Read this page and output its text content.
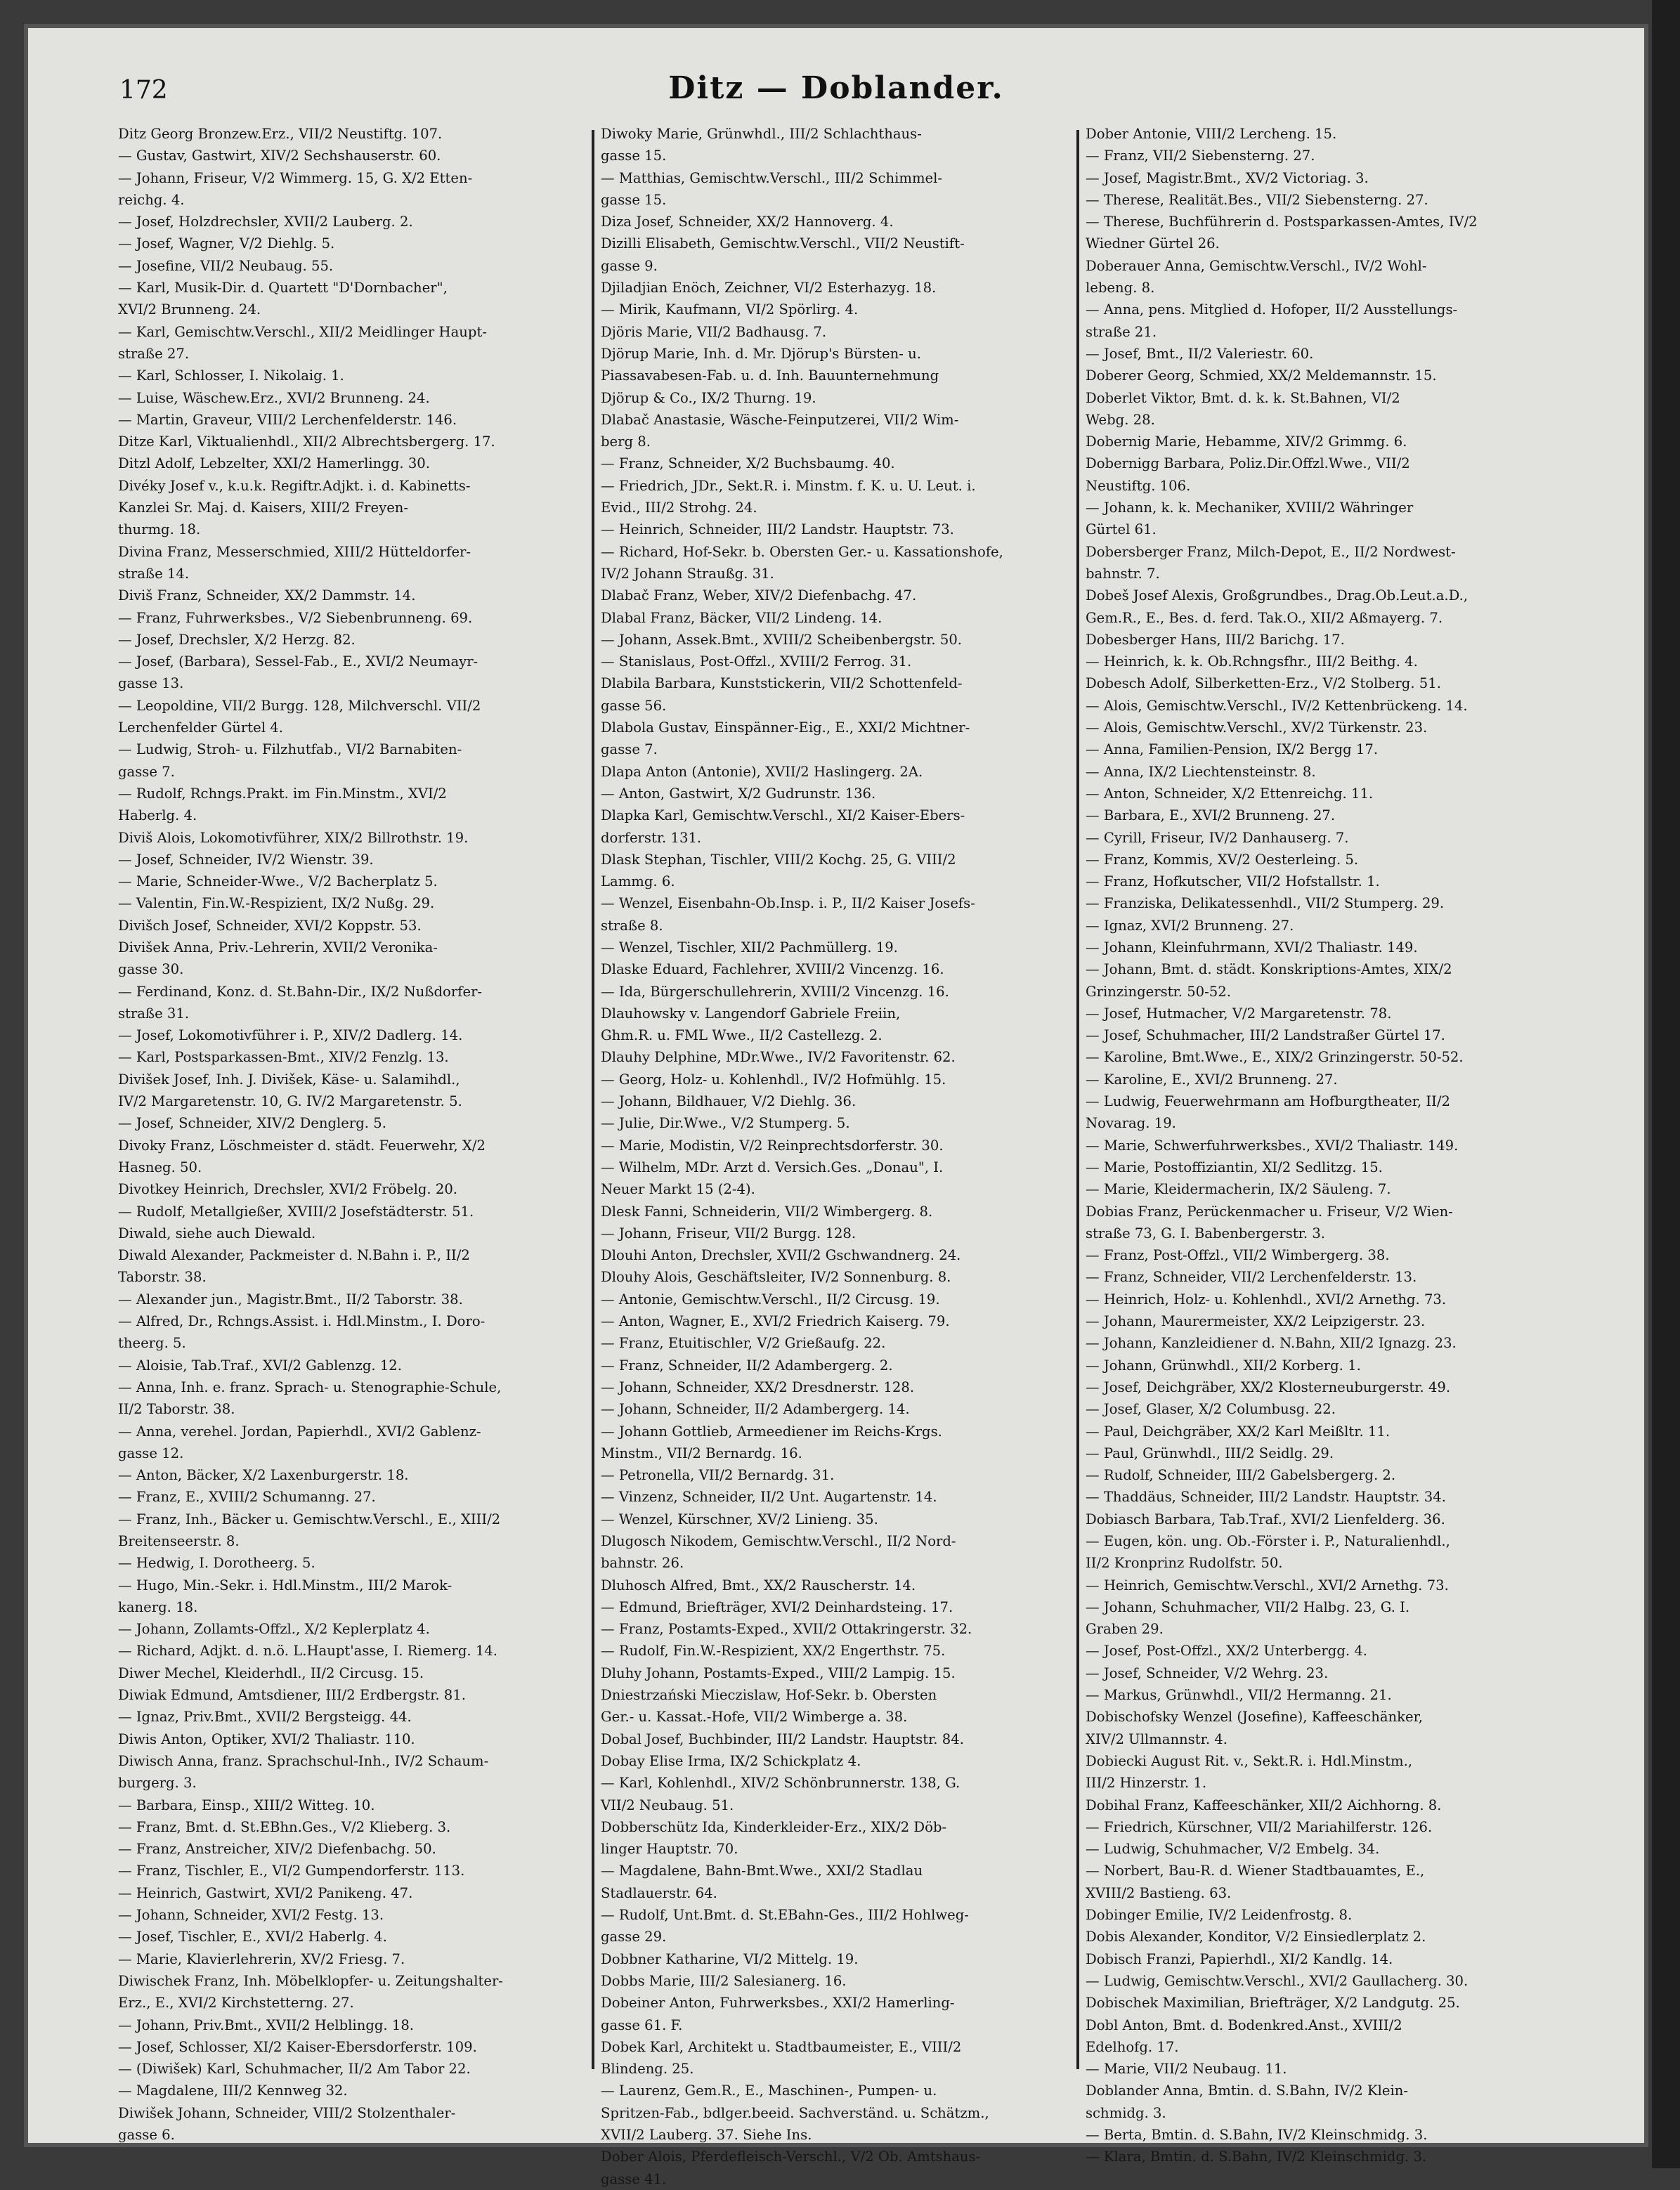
172	Ditz — Doblander.
Ditz Georg Bronzew.Erz., VII/2 Neustiftg. 107.
— Gustav, Gastwirt, XIV/2 Sechshauserstr. 60.
— Johann, Friseur, V/2 Wimmerg. 15, G. X/2 Etten-
reichg. 4.
— Josef, Holzdrechsler, XVII/2 Lauberg. 2.
— Josef, Wagner, V/2 Diehlg. 5.
— Josefine, VII/2 Neubaug. 55.
— Karl, Musik-Dir. d. Quartett "D'Dornbacher",
XVI/2 Brunneng. 24.
— Karl, Gemischtw.Verschl., XII/2 Meidlinger Haupt-
straße 27.
— Karl, Schlosser, I. Nikolaig. 1.
— Luise, Wäschew.Erz., XVI/2 Brunneng. 24.
— Martin, Graveur, VIII/2 Lerchenfelderstr. 146.
Ditze Karl, Viktualienhdl., XII/2 Albrechtsbergerg. 17.
Ditzl Adolf, Lebzelter, XXI/2 Hamerlingg. 30.
Divéky Josef v., k.u.k. Regiftr.Adjkt. i. d. Kabinetts-
Kanzlei Sr. Maj. d. Kaisers, XIII/2 Freyen-
thurmg. 18.
Divina Franz, Messerschmied, XIII/2 Hütteldorfer-
straße 14.
Diviš Franz, Schneider, XX/2 Dammstr. 14.
— Franz, Fuhrwerksbes., V/2 Siebenbrunneng. 69.
— Josef, Drechsler, X/2 Herzg. 82.
— Josef, (Barbara), Sessel-Fab., E., XVI/2 Neumayr-
gasse 13.
— Leopoldine, VII/2 Burgg. 128, Milchverschl. VII/2
Lerchenfelder Gürtel 4.
— Ludwig, Stroh- u. Filzhutfab., VI/2 Barnabiten-
gasse 7.
— Rudolf, Rchngs.Prakt. im Fin.Minstm., XVI/2
Haberlg. 4.
Diviš Alois, Lokomotivführer, XIX/2 Billrothstr. 19.
— Josef, Schneider, IV/2 Wienstr. 39.
— Marie, Schneider-Wwe., V/2 Bacherplatz 5.
— Valentin, Fin.W.-Respizient, IX/2 Nußg. 29.
Divišch Josef, Schneider, XVI/2 Koppstr. 53.
Divišek Anna, Priv.-Lehrerin, XVII/2 Veronika-
gasse 30.
— Ferdinand, Konz. d. St.Bahn-Dir., IX/2 Nußdorfer-
straße 31.
— Josef, Lokomotivführer i. P., XIV/2 Dadlerg. 14.
— Karl, Postsparkassen-Bmt., XIV/2 Fenzlg. 13.
Divišek Josef, Inh. J. Divišek, Käse- u. Salamihdl.,
IV/2 Margaretenstr. 10, G. IV/2 Margaretenstr. 5.
— Josef, Schneider, XIV/2 Denglerg. 5.
Divoky Franz, Löschmeister d. städt. Feuerwehr, X/2
Hasneg. 50.
Divotkey Heinrich, Drechsler, XVI/2 Fröbelg. 20.
— Rudolf, Metallgießer, XVIII/2 Josefstädterstr. 51.
Diwald, siehe auch Diewald.
Diwald Alexander, Packmeister d. N.Bahn i. P., II/2
Taborstr. 38.
— Alexander jun., Magistr.Bmt., II/2 Taborstr. 38.
— Alfred, Dr., Rchngs.Assist. i. Hdl.Minstm., I. Doro-
theerg. 5.
— Aloisie, Tab.Traf., XVI/2 Gablenzg. 12.
— Anna, Inh. e. franz. Sprach- u. Stenographie-Schule,
II/2 Taborstr. 38.
— Anna, verehel. Jordan, Papierhdl., XVI/2 Gablenz-
gasse 12.
— Anton, Bäcker, X/2 Laxenburgerstr. 18.
— Franz, E., XVIII/2 Schumanng. 27.
— Franz, Inh., Bäcker u. Gemischtw.Verschl., E., XIII/2
Breitenseerstr. 8.
— Hedwig, I. Dorotheerg. 5.
— Hugo, Min.-Sekr. i. Hdl.Minstm., III/2 Marok-
kanerg. 18.
— Johann, Zollamts-Offzl., X/2 Keplerplatz 4.
— Richard, Adjkt. d. n.ö. L.Haupt'asse, I. Riemerg. 14.
Diwer Mechel, Kleiderhdl., II/2 Circusg. 15.
Diwiak Edmund, Amtsdiener, III/2 Erdbergstr. 81.
— Ignaz, Priv.Bmt., XVII/2 Bergsteigg. 44.
Diwis Anton, Optiker, XVI/2 Thaliastr. 110.
Diwisch Anna, franz. Sprachschul-Inh., IV/2 Schaum-
burgerg. 3.
— Barbara, Einsp., XIII/2 Witteg. 10.
— Franz, Bmt. d. St.EBhn.Ges., V/2 Klieberg. 3.
— Franz, Anstreicher, XIV/2 Diefenbachg. 50.
— Franz, Tischler, E., VI/2 Gumpendorferstr. 113.
— Heinrich, Gastwirt, XVI/2 Panikeng. 47.
— Johann, Schneider, XVI/2 Festg. 13.
— Josef, Tischler, E., XVI/2 Haberlg. 4.
— Marie, Klavierlehrerin, XV/2 Friesg. 7.
Diwischek Franz, Inh. Möbelklopfer- u. Zeitungshalter-
Erz., E., XVI/2 Kirchstetterng. 27.
— Johann, Priv.Bmt., XVII/2 Helblingg. 18.
— Josef, Schlosser, XI/2 Kaiser-Ebersdorferstr. 109.
— (Diwišek) Karl, Schuhmacher, II/2 Am Tabor 22.
— Magdalene, III/2 Kennweg 32.
Diwišek Johann, Schneider, VIII/2 Stolzenthaler-
gasse 6.
Diwoky Marie, Grünwhdl., III/2 Schlachthaus-
gasse 15.
— Matthias, Gemischtw.Verschl., III/2 Schimmel-
gasse 15.
Diza Josef, Schneider, XX/2 Hannoverg. 4.
Dizilli Elisabeth, Gemischtw.Verschl., VII/2 Neustift-
gasse 9.
Djiladjian Enöch, Zeichner, VI/2 Esterhazyg. 18.
— Mirik, Kaufmann, VI/2 Spörlirg. 4.
Djöris Marie, VII/2 Badhausg. 7.
Djörup Marie, Inh. d. Mr. Djörup's Bürsten- u.
Piassavabesen-Fab. u. d. Inh. Bauunternehmung
Djörup & Co., IX/2 Thurng. 19.
Dlabač Anastasie, Wäsche-Feinputzerei, VII/2 Wim-
berg 8.
— Franz, Schneider, X/2 Buchsbaumg. 40.
— Friedrich, JDr., Sekt.R. i. Minstm. f. K. u. U. Leut. i.
Evid., III/2 Strohg. 24.
— Heinrich, Schneider, III/2 Landstr. Hauptstr. 73.
— Richard, Hof-Sekr. b. Obersten Ger.- u. Kassationshofe,
IV/2 Johann Straußg. 31.
Dlabač Franz, Weber, XIV/2 Diefenbachg. 47.
Dlabal Franz, Bäcker, VII/2 Lindeng. 14.
— Johann, Assek.Bmt., XVIII/2 Scheibenbergstr. 50.
— Stanislaus, Post-Offzl., XVIII/2 Ferrog. 31.
Dlabila Barbara, Kunststickerin, VII/2 Schottenfeld-
gasse 56.
Dlabola Gustav, Einspänner-Eig., E., XXI/2 Michtner-
gasse 7.
Dlapa Anton (Antonie), XVII/2 Haslingerg. 2A.
— Anton, Gastwirt, X/2 Gudrunstr. 136.
Dlapka Karl, Gemischtw.Verschl., XI/2 Kaiser-Ebers-
dorferstr. 131.
Dlask Stephan, Tischler, VIII/2 Kochg. 25, G. VIII/2
Lammg. 6.
— Wenzel, Eisenbahn-Ob.Insp. i. P., II/2 Kaiser Josefs-
straße 8.
— Wenzel, Tischler, XII/2 Pachmüllerg. 19.
Dlaske Eduard, Fachlehrer, XVIII/2 Vincenzg. 16.
— Ida, Bürgerschullehrerin, XVIII/2 Vincenzg. 16.
Dlauhowsky v. Langendorf Gabriele Freiin,
Ghm.R. u. FML Wwe., II/2 Castellezg. 2.
Dlauhy Delphine, MDr.Wwe., IV/2 Favoritenstr. 62.
— Georg, Holz- u. Kohlenhdl., IV/2 Hofmühlg. 15.
— Johann, Bildhauer, V/2 Diehlg. 36.
— Julie, Dir.Wwe., V/2 Stumperg. 5.
— Marie, Modistin, V/2 Reinprechtsdorferstr. 30.
— Wilhelm, MDr. Arzt d. Versich.Ges. „Donau", I.
Neuer Markt 15 (2-4).
Dlesk Fanni, Schneiderin, VII/2 Wimbergerg. 8.
— Johann, Friseur, VII/2 Burgg. 128.
Dlouhi Anton, Drechsler, XVII/2 Gschwandnerg. 24.
Dlouhy Alois, Geschäftsleiter, IV/2 Sonnenburg. 8.
— Antonie, Gemischtw.Verschl., II/2 Circusg. 19.
— Anton, Wagner, E., XVI/2 Friedrich Kaiserg. 79.
— Franz, Etuitischler, V/2 Grießaufg. 22.
— Franz, Schneider, II/2 Adambergerg. 2.
— Johann, Schneider, XX/2 Dresdnerstr. 128.
— Johann, Schneider, II/2 Adambergerg. 14.
— Johann Gottlieb, Armeediener im Reichs-Krgs.
Minstm., VII/2 Bernardg. 16.
— Petronella, VII/2 Bernardg. 31.
— Vinzenz, Schneider, II/2 Unt. Augartenstr. 14.
— Wenzel, Kürschner, XV/2 Linieng. 35.
Dlugosch Nikodem, Gemischtw.Verschl., II/2 Nord-
bahnstr. 26.
Dluhosch Alfred, Bmt., XX/2 Rauscherstr. 14.
— Edmund, Briefträger, XVI/2 Deinhardsteing. 17.
— Franz, Postamts-Exped., XVII/2 Ottakringerstr. 32.
— Rudolf, Fin.W.-Respizient, XX/2 Engerthstr. 75.
Dluhy Johann, Postamts-Exped., VIII/2 Lampig. 15.
Dniestrzański Mieczislaw, Hof-Sekr. b. Obersten
Ger.- u. Kassat.-Hofe, VII/2 Wimberge a. 38.
Dobal Josef, Buchbinder, III/2 Landstr. Hauptstr. 84.
Dobay Elise Irma, IX/2 Schickplatz 4.
— Karl, Kohlenhdl., XIV/2 Schönbrunnerstr. 138, G.
VII/2 Neubaug. 51.
Dobberschütz Ida, Kinderkleider-Erz., XIX/2 Döb-
linger Hauptstr. 70.
— Magdalene, Bahn-Bmt.Wwe., XXI/2 Stadlau
Stadlauerstr. 64.
— Rudolf, Unt.Bmt. d. St.EBahn-Ges., III/2 Hohlweg-
gasse 29.
Dobbner Katharine, VI/2 Mittelg. 19.
Dobbs Marie, III/2 Salesianerg. 16.
Dobeiner Anton, Fuhrwerksbes., XXI/2 Hamerling-
gasse 61. F.
Dobek Karl, Architekt u. Stadtbaumeister, E., VIII/2
Blindeng. 25.
— Laurenz, Gem.R., E., Maschinen-, Pumpen- u.
Spritzen-Fab., bdlger.beeid. Sachverständ. u. Schätzm.,
XVII/2 Lauberg. 37. Siehe Ins.
Dober Alois, Pferdefleisch-Verschl., V/2 Ob. Amtshaus-
gasse 41.
Dober Antonie, VIII/2 Lercheng. 15.
— Franz, VII/2 Siebensterng. 27.
— Josef, Magistr.Bmt., XV/2 Victoriag. 3.
— Therese, Realität.Bes., VII/2 Siebensterng. 27.
— Therese, Buchführerin d. Postsparkassen-Amtes, IV/2
Wiedner Gürtel 26.
Doberauer Anna, Gemischtw.Verschl., IV/2 Wohl-
lebeng. 8.
— Anna, pens. Mitglied d. Hofoper, II/2 Ausstellungs-
straße 21.
— Josef, Bmt., II/2 Valeriestr. 60.
Doberer Georg, Schmied, XX/2 Meldemannstr. 15.
Doberlet Viktor, Bmt. d. k. k. St.Bahnen, VI/2
Webg. 28.
Dobernig Marie, Hebamme, XIV/2 Grimmg. 6.
Dobernigg Barbara, Poliz.Dir.Offzl.Wwe., VII/2
Neustiftg. 106.
— Johann, k. k. Mechaniker, XVIII/2 Währinger
Gürtel 61.
Dobersberger Franz, Milch-Depot, E., II/2 Nordwest-
bahnstr. 7.
Dobeš Josef Alexis, Großgrundbes., Drag.Ob.Leut.a.D.,
Gem.R., E., Bes. d. ferd. Tak.O., XII/2 Aßmayerg. 7.
Dobesberger Hans, III/2 Barichg. 17.
— Heinrich, k. k. Ob.Rchngsfhr., III/2 Beithg. 4.
Dobesch Adolf, Silberketten-Erz., V/2 Stolberg. 51.
— Alois, Gemischtw.Verschl., IV/2 Kettenbrückeng. 14.
— Alois, Gemischtw.Verschl., XV/2 Türkenstr. 23.
— Anna, Familien-Pension, IX/2 Bergg 17.
— Anna, IX/2 Liechtensteinstr. 8.
— Anton, Schneider, X/2 Ettenreichg. 11.
— Barbara, E., XVI/2 Brunneng. 27.
— Cyrill, Friseur, IV/2 Danhauserg. 7.
— Franz, Kommis, XV/2 Oesterleing. 5.
— Franz, Hofkutscher, VII/2 Hofstallstr. 1.
— Franziska, Delikatessenhdl., VII/2 Stumperg. 29.
— Ignaz, XVI/2 Brunneng. 27.
— Johann, Kleinfuhrmann, XVI/2 Thaliastr. 149.
— Johann, Bmt. d. städt. Konskriptions-Amtes, XIX/2
Grinzingerstr. 50-52.
— Josef, Hutmacher, V/2 Margaretenstr. 78.
— Josef, Schuhmacher, III/2 Landstraßer Gürtel 17.
— Karoline, Bmt.Wwe., E., XIX/2 Grinzingerstr. 50-52.
— Karoline, E., XVI/2 Brunneng. 27.
— Ludwig, Feuerwehrmann am Hofburgtheater, II/2
Novarag. 19.
— Marie, Schwerfuhrwerksbes., XVI/2 Thaliastr. 149.
— Marie, Postoffiziantin, XI/2 Sedlitzg. 15.
— Marie, Kleidermacherin, IX/2 Säuleng. 7.
Dobias Franz, Perückenmacher u. Friseur, V/2 Wien-
straße 73, G. I. Babenbergerstr. 3.
— Franz, Post-Offzl., VII/2 Wimbergerg. 38.
— Franz, Schneider, VII/2 Lerchenfelderstr. 13.
— Heinrich, Holz- u. Kohlenhdl., XVI/2 Arnethg. 73.
— Johann, Maurermeister, XX/2 Leipzigerstr. 23.
— Johann, Kanzleidiener d. N.Bahn, XII/2 Ignazg. 23.
— Johann, Grünwhdl., XII/2 Korberg. 1.
— Josef, Deichgräber, XX/2 Klosterneuburgerstr. 49.
— Josef, Glaser, X/2 Columbusg. 22.
— Paul, Deichgräber, XX/2 Karl Meißltr. 11.
— Paul, Grünwhdl., III/2 Seidlg. 29.
— Rudolf, Schneider, III/2 Gabelsbergerg. 2.
— Thaddäus, Schneider, III/2 Landstr. Hauptstr. 34.
Dobiasch Barbara, Tab.Traf., XVI/2 Lienfelderg. 36.
— Eugen, kön. ung. Ob.-Förster i. P., Naturalienhdl.,
II/2 Kronprinz Rudolfstr. 50.
— Heinrich, Gemischtw.Verschl., XVI/2 Arnethg. 73.
— Johann, Schuhmacher, VII/2 Halbg. 23, G. I.
Graben 29.
— Josef, Post-Offzl., XX/2 Unterbergg. 4.
— Josef, Schneider, V/2 Wehrg. 23.
— Markus, Grünwhdl., VII/2 Hermanng. 21.
Dobischofsky Wenzel (Josefine), Kaffeeschänker,
XIV/2 Ullmannstr. 4.
Dobiecki August Rit. v., Sekt.R. i. Hdl.Minstm.,
III/2 Hinzerstr. 1.
Dobihal Franz, Kaffeeschänker, XII/2 Aichhorng. 8.
— Friedrich, Kürschner, VII/2 Mariahilferstr. 126.
— Ludwig, Schuhmacher, V/2 Embelg. 34.
— Norbert, Bau-R. d. Wiener Stadtbauamtes, E.,
XVIII/2 Bastieng. 63.
Dobinger Emilie, IV/2 Leidenfrostg. 8.
Dobis Alexander, Konditor, V/2 Einsiedlerplatz 2.
Dobisch Franzi, Papierhdl., XI/2 Kandlg. 14.
— Ludwig, Gemischtw.Verschl., XVI/2 Gaullacherg. 30.
Dobischek Maximilian, Briefträger, X/2 Landgutg. 25.
Dobl Anton, Bmt. d. Bodenkred.Anst., XVIII/2
Edelhofg. 17.
— Marie, VII/2 Neubaug. 11.
Doblander Anna, Bmtin. d. S.Bahn, IV/2 Klein-
schmidg. 3.
— Berta, Bmtin. d. S.Bahn, IV/2 Kleinschmidg. 3.
— Klara, Bmtin. d. S.Bahn, IV/2 Kleinschmidg. 3.
